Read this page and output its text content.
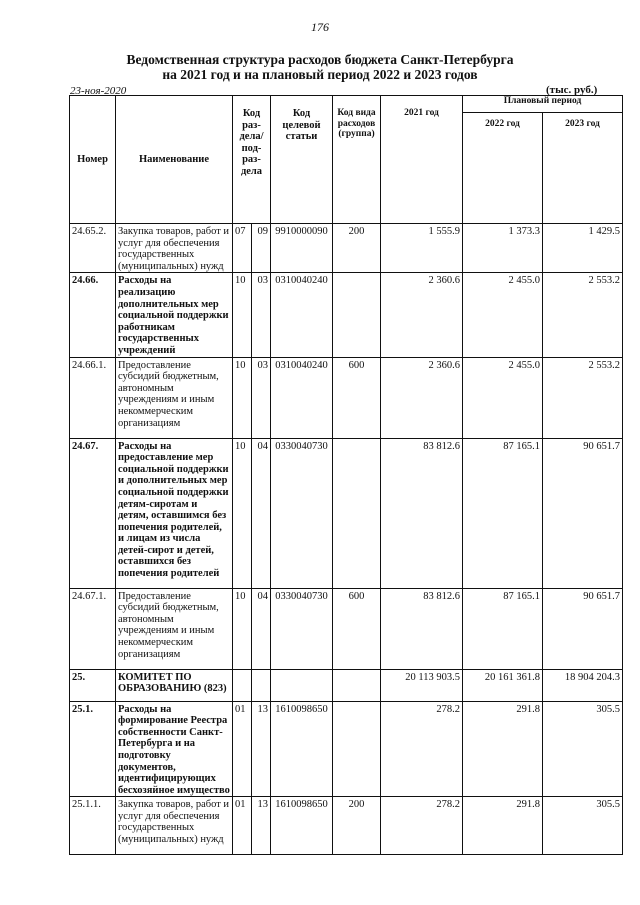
176
Ведомственная структура расходов бюджета Санкт-Петербурга
на 2021 год и на плановый период 2022 и 2023 годов
23-ноя-2020	(тыс. руб.)
Номер	Наименование	Код раз-дела/ под-раз-дела		Код целевой статьи	Код вида расходов (группа)	2021 год	Плановый период	
							2022 год	2023 год
24.65.2.	Закупка товаров, работ и услуг для обеспечения государственных (муниципальных) нужд	07	09	9910000090	200	1 555.9	1 373.3	1 429.5
24.66.	Расходы на реализацию дополнительных мер социальной поддержки работникам государственных учреждений	10	03	0310040240		2 360.6	2 455.0	2 553.2
24.66.1.	Предоставление субсидий бюджетным, автономным учреждениям и иным некоммерческим организациям	10	03	0310040240	600	2 360.6	2 455.0	2 553.2
24.67.	Расходы на предоставление мер социальной поддержки и дополнительных мер социальной поддержки детям-сиротам и детям, оставшимся без попечения родителей, и лицам из числа детей-сирот и детей, оставшихся без попечения родителей	10	04	0330040730		83 812.6	87 165.1	90 651.7
24.67.1.	Предоставление субсидий бюджетным, автономным учреждениям и иным некоммерческим организациям	10	04	0330040730	600	83 812.6	87 165.1	90 651.7
25.	КОМИТЕТ ПО ОБРАЗОВАНИЮ (823)					20 113 903.5	20 161 361.8	18 904 204.3
25.1.	Расходы на формирование Реестра собственности Санкт-Петербурга и на подготовку документов, идентифицирующих бесхозяйное имущество	01	13	1610098650		278.2	291.8	305.5
25.1.1.	Закупка товаров, работ и услуг для обеспечения государственных (муниципальных) нужд	01	13	1610098650	200	278.2	291.8	305.5
